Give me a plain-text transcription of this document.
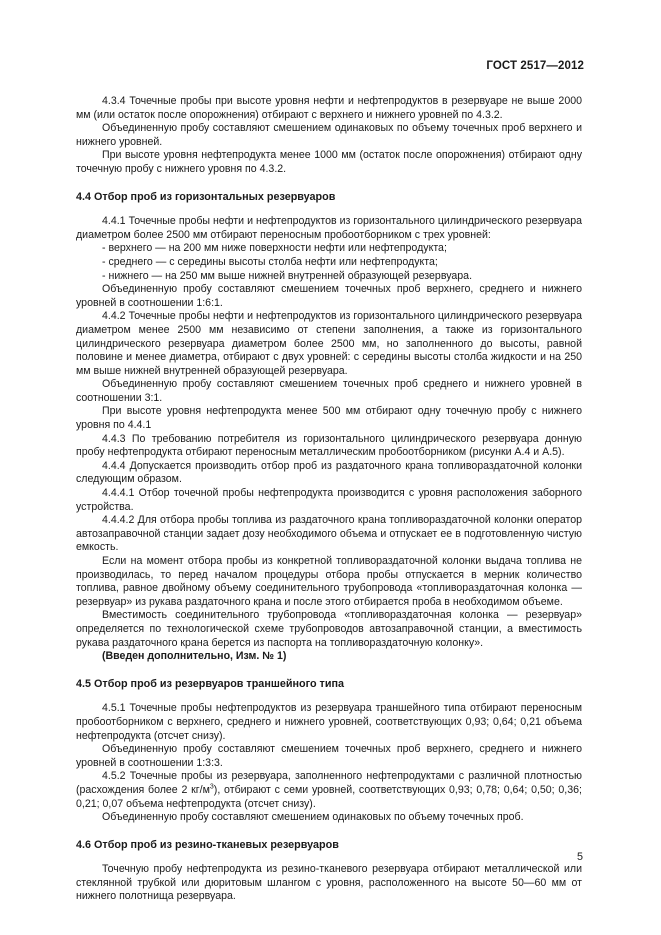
ГОСТ 2517—2012

4.3.4 Точечные пробы при высоте уровня нефти и нефтепродуктов в резервуаре не выше 2000 мм (или остаток после опорожнения) отбирают с верхнего и нижнего уровней по 4.3.2.

Объединенную пробу составляют смешением одинаковых по объему точечных проб верхнего и нижнего уровней.

При высоте уровня нефтепродукта менее 1000 мм (остаток после опорожнения) отбирают одну точечную пробу с нижнего уровня по 4.3.2.

4.4 Отбор проб из горизонтальных резервуаров

4.4.1 Точечные пробы нефти и нефтепродуктов из горизонтального цилиндрического резервуара диаметром более 2500 мм отбирают переносным пробоотборником с трех уровней:

- верхнего — на 200 мм ниже поверхности нефти или нефтепродукта;
- среднего — с середины высоты столба нефти или нефтепродукта;
- нижнего — на 250 мм выше нижней внутренней образующей резервуара.

Объединенную пробу составляют смешением точечных проб верхнего, среднего и нижнего уровней в соотношении 1:6:1.

4.4.2 Точечные пробы нефти и нефтепродуктов из горизонтального цилиндрического резервуара диаметром менее 2500 мм независимо от степени заполнения, а также из горизонтального цилиндрического резервуара диаметром более 2500 мм, но заполненного до высоты, равной половине и менее диаметра, отбирают с двух уровней: с середины высоты столба жидкости и на 250 мм выше нижней внутренней образующей резервуара.

Объединенную пробу составляют смешением точечных проб среднего и нижнего уровней в соотношении 3:1.

При высоте уровня нефтепродукта менее 500 мм отбирают одну точечную пробу с нижнего уровня по 4.4.1

4.4.3 По требованию потребителя из горизонтального цилиндрического резервуара донную пробу нефтепродукта отбирают переносным металлическим пробоотборником (рисунки А.4 и А.5).

4.4.4 Допускается производить отбор проб из раздаточного крана топливораздаточной колонки следующим образом.

4.4.4.1 Отбор точечной пробы нефтепродукта производится с уровня расположения заборного устройства.

4.4.4.2 Для отбора пробы топлива из раздаточного крана топливораздаточной колонки оператор автозаправочной станции задает дозу необходимого объема и отпускает ее в подготовленную чистую емкость.

Если на момент отбора пробы из конкретной топливораздаточной колонки выдача топлива не производилась, то перед началом процедуры отбора пробы отпускается в мерник количество топлива, равное двойному объему соединительного трубопровода «топливораздаточная колонка — резервуар» из рукава раздаточного крана и после этого отбирается проба в необходимом объеме.

Вместимость соединительного трубопровода «топливораздаточная колонка — резервуар» определяется по технологической схеме трубопроводов автозаправочной станции, а вместимость рукава раздаточного крана берется из паспорта на топливораздаточную колонку».

(Введен дополнительно, Изм. № 1)

4.5 Отбор проб из резервуаров траншейного типа

4.5.1 Точечные пробы нефтепродуктов из резервуара траншейного типа отбирают переносным пробоотборником с верхнего, среднего и нижнего уровней, соответствующих 0,93; 0,64; 0,21 объема нефтепродукта (отсчет снизу).

Объединенную пробу составляют смешением точечных проб верхнего, среднего и нижнего уровней в соотношении 1:3:3.

4.5.2 Точечные пробы из резервуара, заполненного нефтепродуктами с различной плотностью (расхождения более 2 $кг/м^3$), отбирают с семи уровней, соответствующих 0,93; 0,78; 0,64; 0,50; 0,36; 0,21; 0,07 объема нефтепродукта (отсчет снизу).

Объединенную пробу составляют смешением одинаковых по объему точечных проб.

4.6 Отбор проб из резино-тканевых резервуаров

Точечную пробу нефтепродукта из резино-тканевого резервуара отбирают металлической или стеклянной трубкой или дюритовым шлангом с уровня, расположенного на высоте 50—60 мм от нижнего полотнища резервуара.

5
